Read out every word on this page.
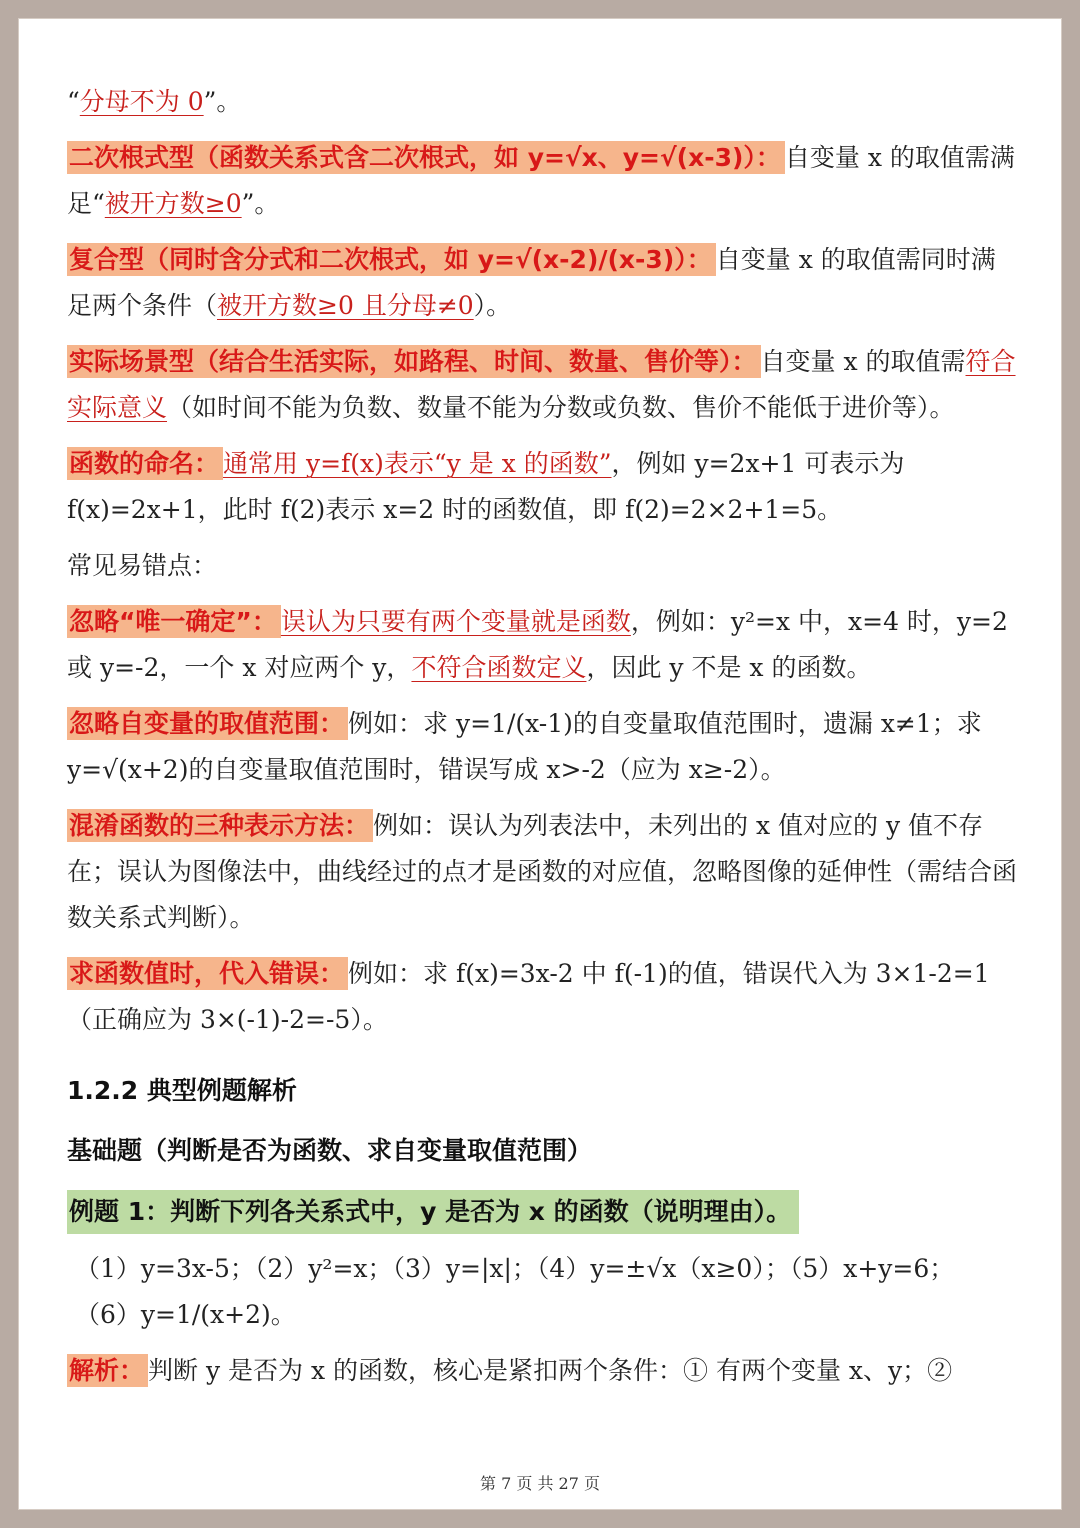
“分母不为 0”。
二次根式型（函数关系式含二次根式，如 y=√x、y=√(x-3)）： 自变量 x 的取值需满足“被开方数≥0”。
复合型（同时含分式和二次根式，如 y=√(x-2)/(x-3)）： 自变量 x 的取值需同时满足两个条件（被开方数≥0 且分母≠0）。
实际场景型（结合生活实际，如路程、时间、数量、售价等）： 自变量 x 的取值需符合实际意义（如时间不能为负数、数量不能为分数或负数、售价不能低于进价等）。
函数的命名： 通常用 y=f(x)表示“y 是 x 的函数”，例如 y=2x+1 可表示为 f(x)=2x+1，此时 f(2)表示 x=2 时的函数值，即 f(2)=2×2+1=5。
常见易错点：
忽略“唯一确定”： 误认为只要有两个变量就是函数，例如：y²=x 中，x=4 时，y=2 或 y=-2，一个 x 对应两个 y，不符合函数定义，因此 y 不是 x 的函数。
忽略自变量的取值范围： 例如：求 y=1/(x-1)的自变量取值范围时，遗漏 x≠1；求 y=√(x+2)的自变量取值范围时，错误写成 x>-2（应为 x≥-2）。
混淆函数的三种表示方法： 例如：误认为列表法中，未列出的 x 值对应的 y 值不存在；误认为图像法中，曲线经过的点才是函数的对应值，忽略图像的延伸性（需结合函数关系式判断）。
求函数值时，代入错误： 例如：求 f(x)=3x-2 中 f(-1)的值，错误代入为 3×1-2=1（正确应为 3×(-1)-2=-5）。
1.2.2 典型例题解析
基础题（判断是否为函数、求自变量取值范围）
例题 1：判断下列各关系式中，y 是否为 x 的函数（说明理由）。
（1）y=3x-5；（2）y²=x；（3）y=|x|；（4）y=±√x（x≥0）；（5）x+y=6；
（6）y=1/(x+2)。
解析： 判断 y 是否为 x 的函数，核心是紧扣两个条件：① 有两个变量 x、y；②
第 7 页 共 27 页
